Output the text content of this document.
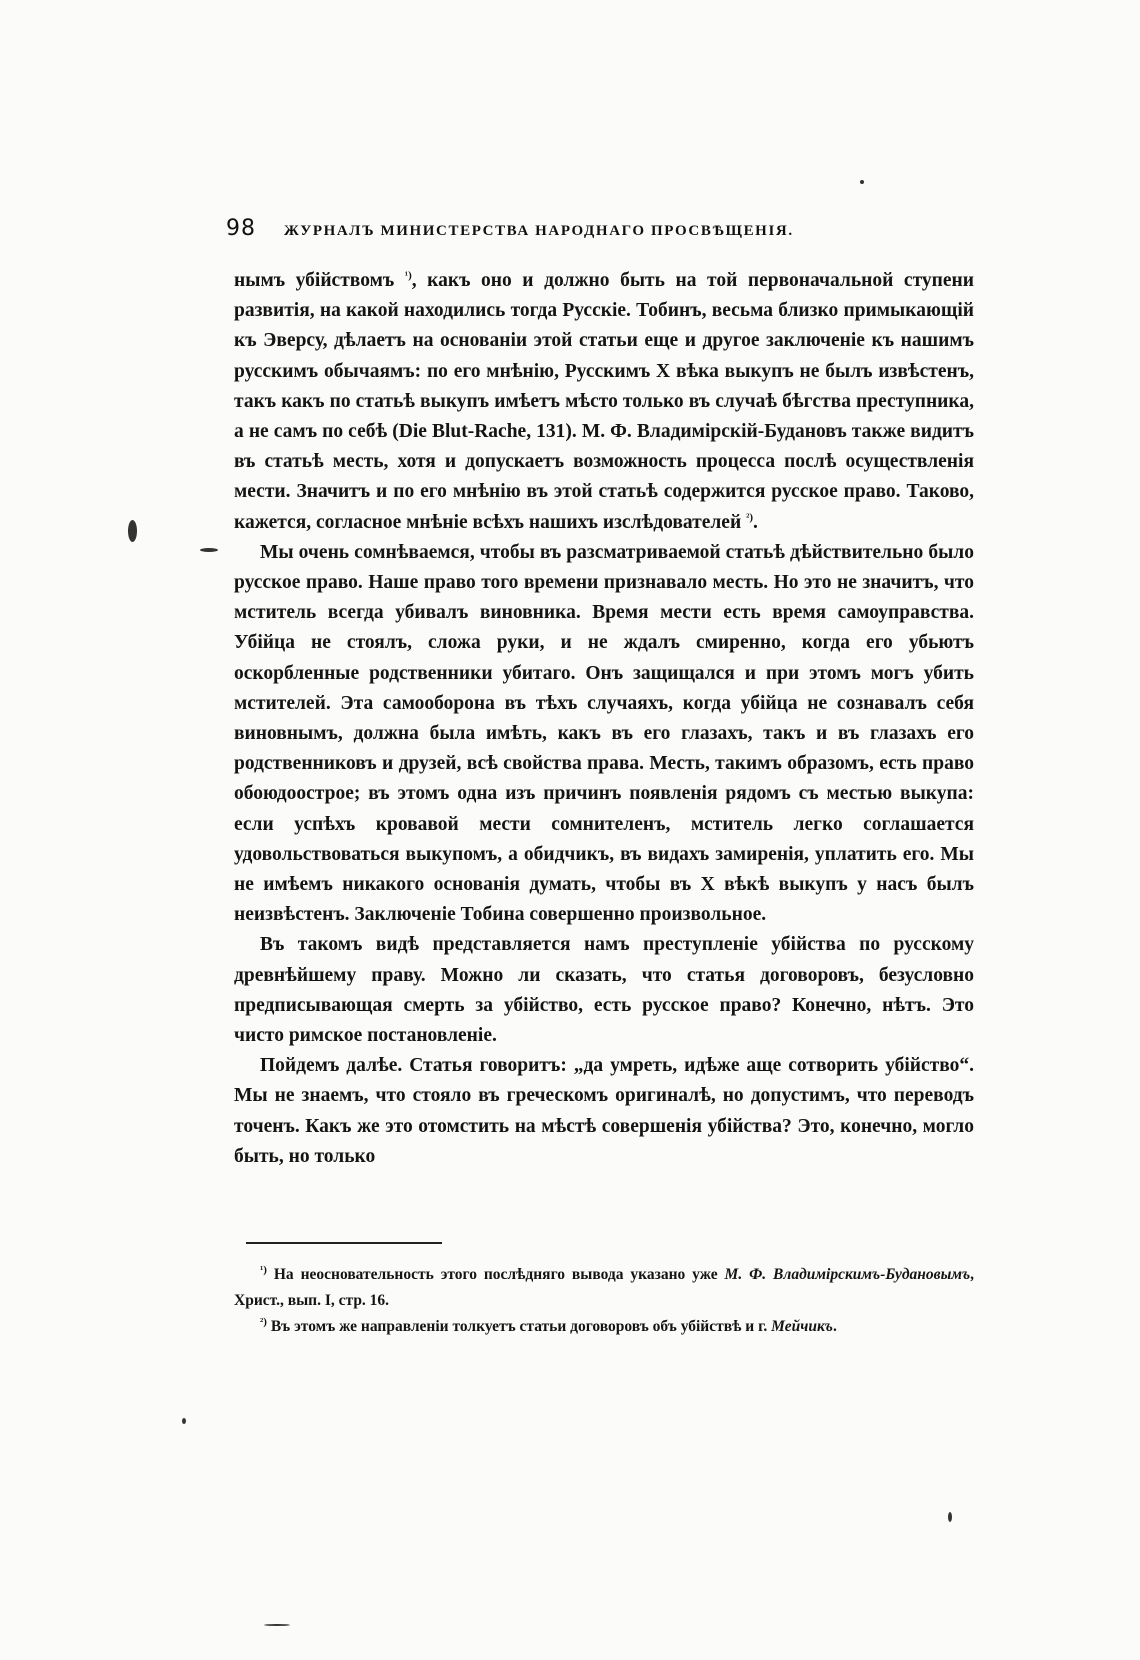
98 ЖУРНАЛЪ МИНИСТЕРСТВА НАРОДНАГО ПРОСВѢЩЕНІЯ.

нымъ убійствомъ $^{^1)}$, какъ оно и должно быть на той первоначальной ступени развитія, на какой находились тогда Русскіе. Тобинъ, весьма близко примыкающій къ Эверсу, дѣлаетъ на основаніи этой статьи еще и другое заключеніе къ нашимъ русскимъ обычаямъ: по его мнѣнію, Русскимъ X вѣка выкупъ не былъ извѣстенъ, такъ какъ по статьѣ выкупъ имѣетъ мѣсто только въ случаѣ бѣгства преступника, а не самъ по себѣ (Die Blut-Rache, 131). М. Ф. Владимірскій-Будановъ также видитъ въ статьѣ месть, хотя и допускаетъ возможность процесса послѣ осуществленія мести. Значитъ и по его мнѣнію въ этой статьѣ содержится русское право. Таково, кажется, согласное мнѣніе всѣхъ нашихъ изслѣдователей $^{^2)}$.

Мы очень сомнѣваемся, чтобы въ разсматриваемой статьѣ дѣйствительно было русское право. Наше право того времени признавало месть. Но это не значитъ, что мститель всегда убивалъ виновника. Время мести есть время самоуправства. Убійца не стоялъ, сложа руки, и не ждалъ смиренно, когда его убьютъ оскорбленные родственники убитаго. Онъ защищался и при этомъ могъ убить мстителей. Эта самооборона въ тѣхъ случаяхъ, когда убійца не сознавалъ себя виновнымъ, должна была имѣть, какъ въ его глазахъ, такъ и въ глазахъ его родственниковъ и друзей, всѣ свойства права. Месть, такимъ образомъ, есть право обоюдоострое; въ этомъ одна изъ причинъ появленія рядомъ съ местью выкупа: если успѣхъ кровавой мести сомнителенъ, мститель легко соглашается удовольствоваться выкупомъ, а обидчикъ, въ видахъ замиренія, уплатить его. Мы не имѣемъ никакого основанія думать, чтобы въ X вѣкѣ выкупъ у насъ былъ неизвѣстенъ. Заключеніе Тобина совершенно произвольное.

Въ такомъ видѣ представляется намъ преступленіе убійства по русскому древнѣйшему праву. Можно ли сказать, что статья договоровъ, безусловно предписывающая смерть за убійство, есть русское право? Конечно, нѣтъ. Это чисто римское постановленіе.

Пойдемъ далѣе. Статья говоритъ: „да умреть, идѣже аще сотворить убійство“. Мы не знаемъ, что стояло въ греческомъ оригиналѣ, но допустимъ, что переводъ точенъ. Какъ же это отомстить на мѣстѣ совершенія убійства? Это, конечно, могло быть, но только

$^{^1)}$ На неосновательность этого послѣдняго вывода указано уже М. Ф. Владимірскимъ-Будановымъ, Христ., вып. I, стр. 16.

$^{^2)}$ Въ этомъ же направленіи толкуетъ статьи договоровъ объ убійствѣ и г. Мейчикъ.
